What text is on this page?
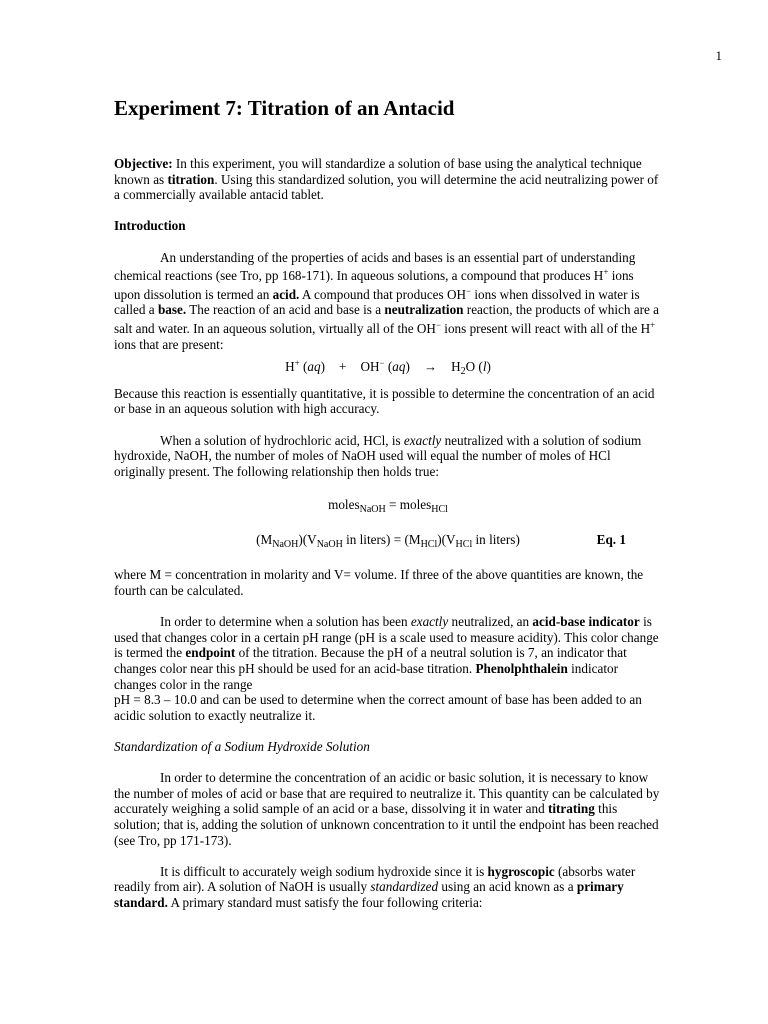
1
Experiment 7: Titration of an Antacid

Objective: In this experiment, you will standardize a solution of base using the analytical technique known as titration. Using this standardized solution, you will determine the acid neutralizing power of a commercially available antacid tablet.

Introduction

An understanding of the properties of acids and bases is an essential part of understanding chemical reactions (see Tro, pp 168-171). In aqueous solutions, a compound that produces H+ ions upon dissolution is termed an acid. A compound that produces OH− ions when dissolved in water is called a base. The reaction of an acid and base is a neutralization reaction, the products of which are a salt and water. In an aqueous solution, virtually all of the OH− ions present will react with all of the H+ ions that are present:

H+ (aq) + OH− $(aq) \to H_2O$ (l)

Because this reaction is essentially quantitative, it is possible to determine the concentration of an acid or base in an aqueous solution with high accuracy.

When a solution of hydrochloric acid, HCl, is exactly neutralized with a solution of sodium hydroxide, NaOH, the number of moles of NaOH used will equal the number of moles of HCl originally present. The following relationship then holds true:

moles$_{NaOH}$ = moles$_{HCl}$
$(M_{NaOH})(V_{NaOH}$ in liters) = $(M_{HCl})(V_{HCl}$ in liters)	Eq. 1

where M = concentration in molarity and V= volume. If three of the above quantities are known, the fourth can be calculated.

In order to determine when a solution has been exactly neutralized, an acid-base indicator is used that changes color in a certain pH range (pH is a scale used to measure acidity). This color change is termed the endpoint of the titration. Because the pH of a neutral solution is 7, an indicator that changes color near this pH should be used for an acid-base titration. Phenolphthalein indicator changes color in the range
pH = 8.3 – 10.0 and can be used to determine when the correct amount of base has been added to an acidic solution to exactly neutralize it.

Standardization of a Sodium Hydroxide Solution

In order to determine the concentration of an acidic or basic solution, it is necessary to know the number of moles of acid or base that are required to neutralize it. This quantity can be calculated by accurately weighing a solid sample of an acid or a base, dissolving it in water and titrating this solution; that is, adding the solution of unknown concentration to it until the endpoint has been reached (see Tro, pp 171-173).

It is difficult to accurately weigh sodium hydroxide since it is hygroscopic (absorbs water readily from air). A solution of NaOH is usually standardized using an acid known as a primary standard. A primary standard must satisfy the four following criteria:
